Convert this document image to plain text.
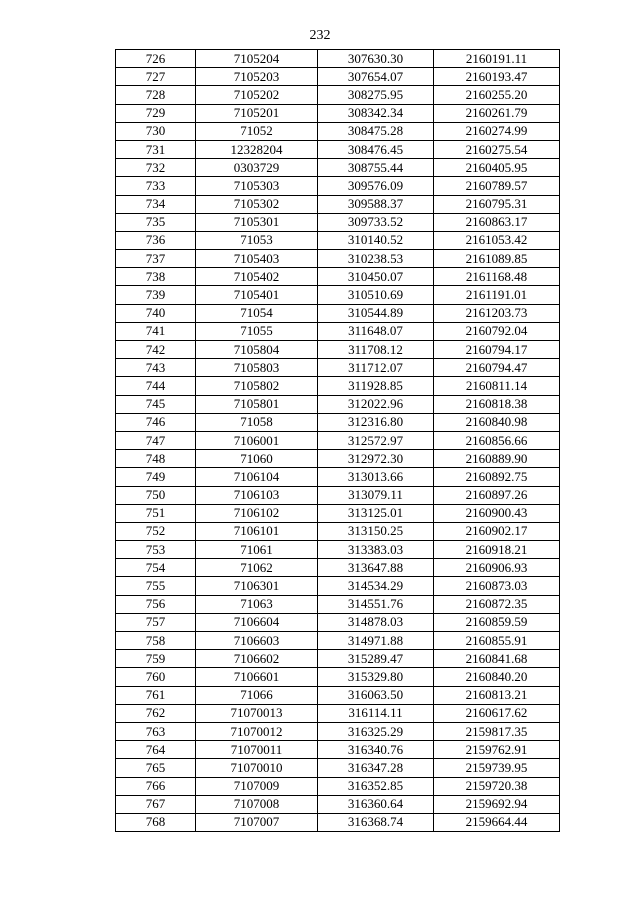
232
726	7105204	307630.30	2160191.11
727	7105203	307654.07	2160193.47
728	7105202	308275.95	2160255.20
729	7105201	308342.34	2160261.79
730	71052	308475.28	2160274.99
731	12328204	308476.45	2160275.54
732	0303729	308755.44	2160405.95
733	7105303	309576.09	2160789.57
734	7105302	309588.37	2160795.31
735	7105301	309733.52	2160863.17
736	71053	310140.52	2161053.42
737	7105403	310238.53	2161089.85
738	7105402	310450.07	2161168.48
739	7105401	310510.69	2161191.01
740	71054	310544.89	2161203.73
741	71055	311648.07	2160792.04
742	7105804	311708.12	2160794.17
743	7105803	311712.07	2160794.47
744	7105802	311928.85	2160811.14
745	7105801	312022.96	2160818.38
746	71058	312316.80	2160840.98
747	7106001	312572.97	2160856.66
748	71060	312972.30	2160889.90
749	7106104	313013.66	2160892.75
750	7106103	313079.11	2160897.26
751	7106102	313125.01	2160900.43
752	7106101	313150.25	2160902.17
753	71061	313383.03	2160918.21
754	71062	313647.88	2160906.93
755	7106301	314534.29	2160873.03
756	71063	314551.76	2160872.35
757	7106604	314878.03	2160859.59
758	7106603	314971.88	2160855.91
759	7106602	315289.47	2160841.68
760	7106601	315329.80	2160840.20
761	71066	316063.50	2160813.21
762	71070013	316114.11	2160617.62
763	71070012	316325.29	2159817.35
764	71070011	316340.76	2159762.91
765	71070010	316347.28	2159739.95
766	7107009	316352.85	2159720.38
767	7107008	316360.64	2159692.94
768	7107007	316368.74	2159664.44
